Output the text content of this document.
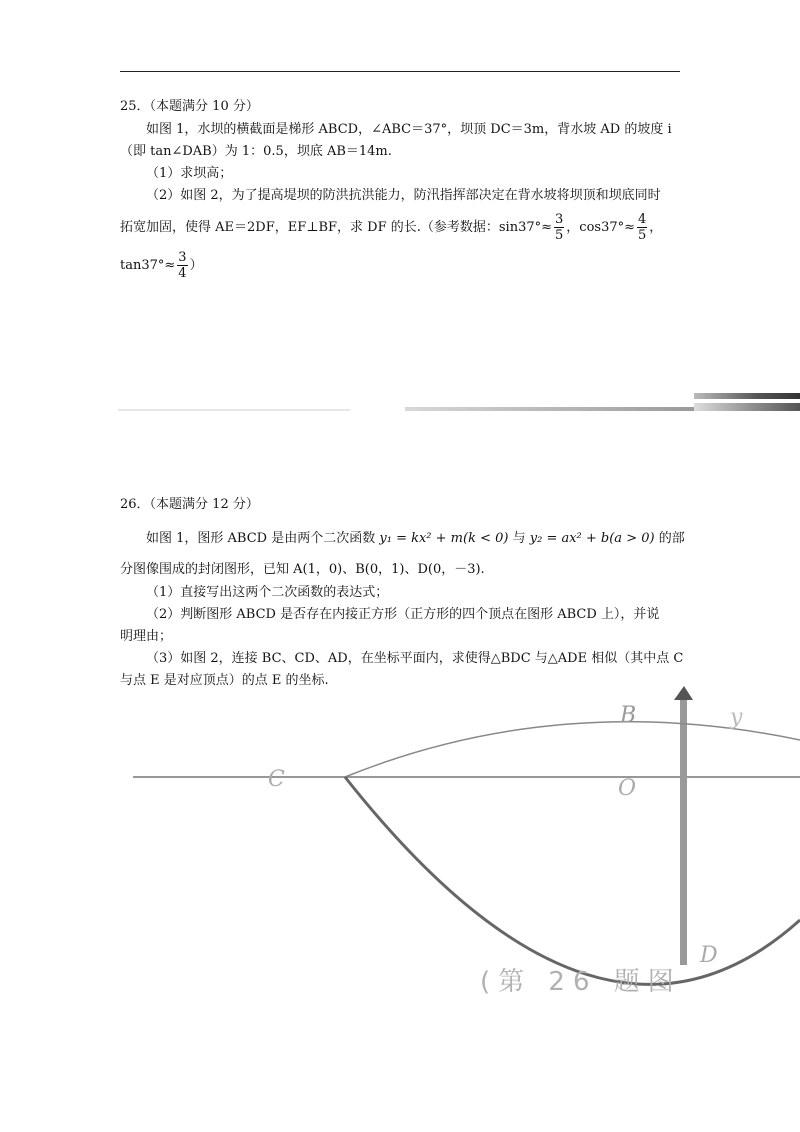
25．（本题满分 10 分）
如图 1，水坝的横截面是梯形 ABCD，∠ABC＝37°，坝顶 DC＝3m，背水坡 AD 的坡度 i
（即 tan∠DAB）为 1：0.5，坝底 AB＝14m.
（1）求坝高；
（2）如图 2，为了提高堤坝的防洪抗洪能力，防汛指挥部决定在背水坡将坝顶和坝底同时
拓宽加固，使得 AE＝2DF，EF⊥BF，求 DF 的长.（参考数据：$\sin 37^\circ\approx \frac{3}{5}$ ，$\cos 37^\circ\approx \frac{4}{5}$ ，
$\tan 37^\circ\approx \frac{3}{4}$ ）
26．（本题满分 12 分）
如图 1，图形 ABCD 是由两个二次函数 y₁ = kx² + m(k < 0) 与 y₂ = ax² + b(a > 0) 的部
分图像围成的封闭图形，已知 A(1，0)、B(0，1)、D(0，－3).
（1）直接写出这两个二次函数的表达式；
（2）判断图形 ABCD 是否存在内接正方形（正方形的四个顶点在图形 ABCD 上），并说
明理由；
（3）如图 2，连接 BC、CD、AD，在坐标平面内，求使得△BDC 与△ADE 相似（其中点 C
与点 E 是对应顶点）的点 E 的坐标.
C
B
O
D
y
(第 26 题图
